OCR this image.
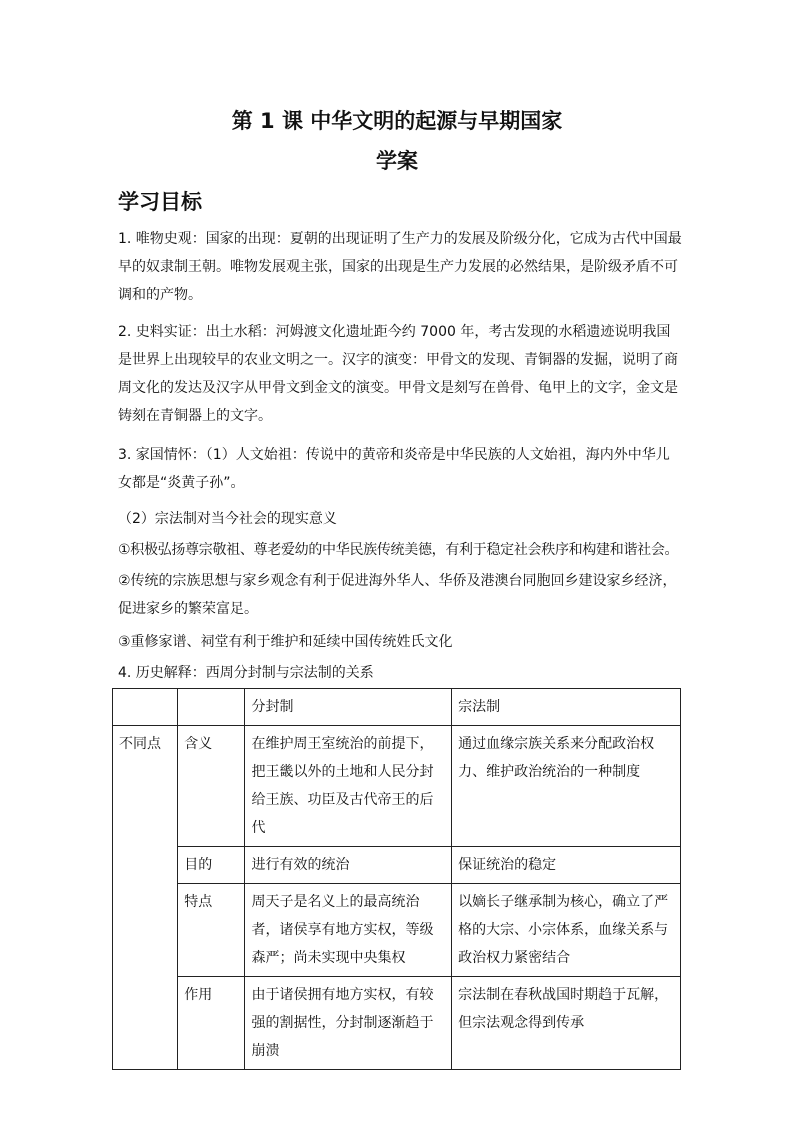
第 1 课 中华文明的起源与早期国家
学案
学习目标
1. 唯物史观：国家的出现：夏朝的出现证明了生产力的发展及阶级分化，它成为古代中国最早的奴隶制王朝。唯物发展观主张，国家的出现是生产力发展的必然结果，是阶级矛盾不可调和的产物。
2. 史料实证：出土水稻：河姆渡文化遗址距今约 7000 年，考古发现的水稻遗迹说明我国是世界上出现较早的农业文明之一。汉字的演变：甲骨文的发现、青铜器的发掘，说明了商周文化的发达及汉字从甲骨文到金文的演变。甲骨文是刻写在兽骨、龟甲上的文字，金文是铸刻在青铜器上的文字。
3. 家国情怀：（1）人文始祖：传说中的黄帝和炎帝是中华民族的人文始祖，海内外中华儿女都是“炎黄子孙”。
（2）宗法制对当今社会的现实意义
①积极弘扬尊宗敬祖、尊老爱幼的中华民族传统美德，有利于稳定社会秩序和构建和谐社会。
②传统的宗族思想与家乡观念有利于促进海外华人、华侨及港澳台同胞回乡建设家乡经济，促进家乡的繁荣富足。
③重修家谱、祠堂有利于维护和延续中国传统姓氏文化
4. 历史解释：西周分封制与宗法制的关系
		分封制	宗法制
不同点	含义	在维护周王室统治的前提下，把王畿以外的土地和人民分封给王族、功臣及古代帝王的后代	通过血缘宗族关系来分配政治权力、维护政治统治的一种制度
	目的	进行有效的统治	保证统治的稳定
	特点	周天子是名义上的最高统治者，诸侯享有地方实权，等级森严；尚未实现中央集权	以嫡长子继承制为核心，确立了严格的大宗、小宗体系，血缘关系与政治权力紧密结合
	作用	由于诸侯拥有地方实权，有较强的割据性，分封制逐渐趋于崩溃	宗法制在春秋战国时期趋于瓦解，但宗法观念得到传承
